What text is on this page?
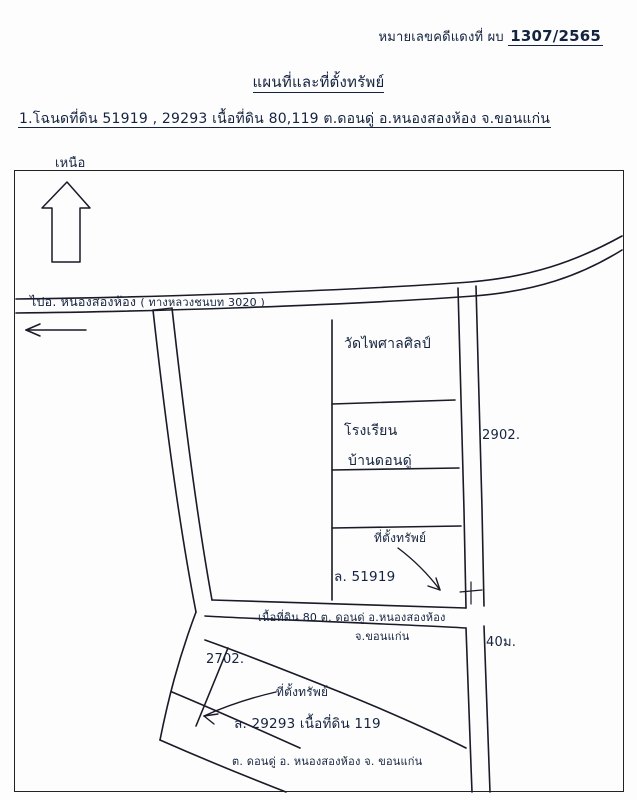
หมายเลขคดีแดงที่ ผบ 1307/2565
แผนที่และที่ตั้งทรัพย์
1.โฉนดที่ดิน 51919 , 29293 เนื้อที่ดิน 80,119 ต.ดอนดู่ อ.หนองสองห้อง จ.ขอนแก่น
เหนือ
ไปอ. หนองสองห้อง ( ทางหลวงชนบท 3020 )
วัดไพศาลศิลป์
โรงเรียน
บ้านดอนดู่
ที่ตั้งทรัพย์
ล. 51919
เนื้อที่ดิน 80 ต. ดอนดู่ อ.หนองสองห้อง
จ.ขอนแก่น
2902.
40ม.
2702.
ที่ตั้งทรัพย์
ล. 29293 เนื้อที่ดิน 119
ต. ดอนดู่ อ. หนองสองห้อง จ. ขอนแก่น
